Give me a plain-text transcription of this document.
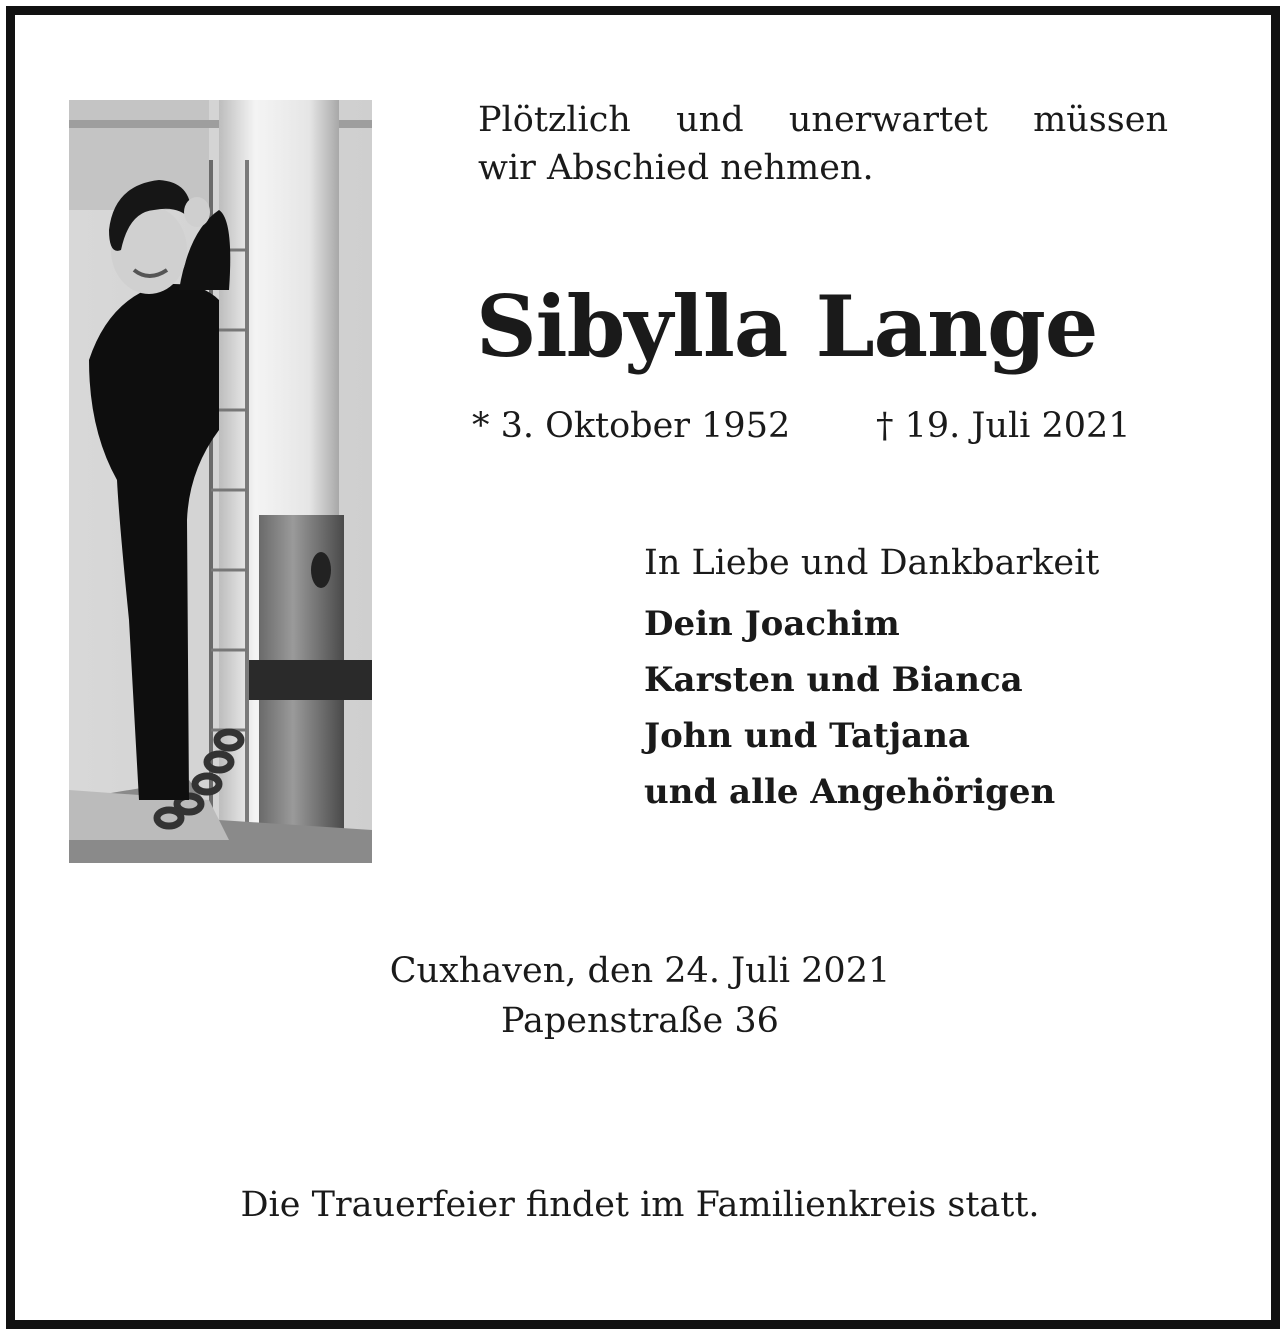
Plötzlich und unerwartet müssen
wir Abschied nehmen.
Sibylla Lange
* 3. Oktober 1952 † 19. Juli 2021
In Liebe und Dankbarkeit
Dein Joachim
Karsten und Bianca
John und Tatjana
und alle Angehörigen
Cuxhaven, den 24. Juli 2021
Papenstraße 36
Die Trauerfeier findet im Familienkreis statt.
